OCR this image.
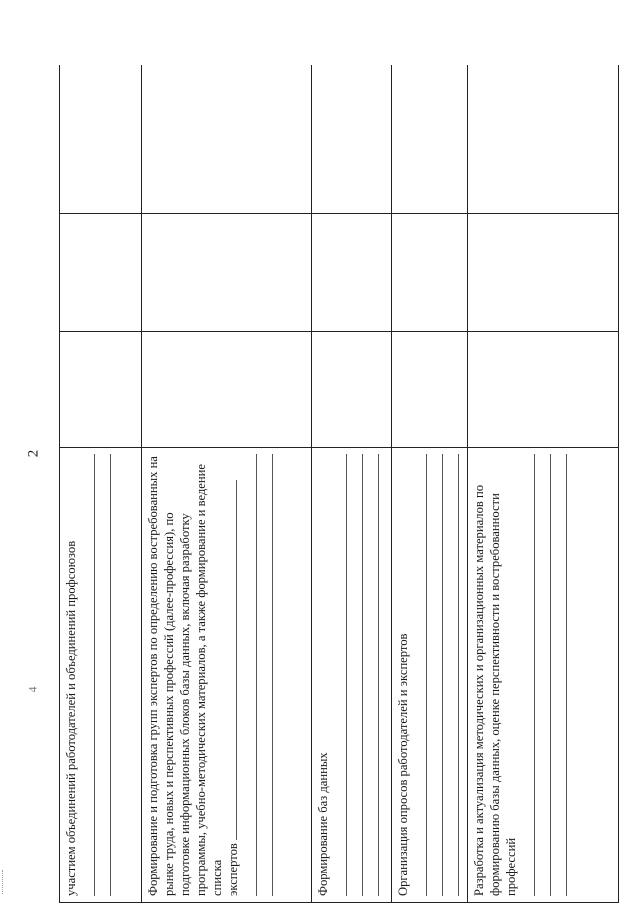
2
4	участием объединений работодателей и объединений профсоюзов			

Формирование и подготовка групп экспертов по определению востребованных на рынке труда, новых и перспективных профессий (далее-профессия), по подготовке информационных блоков базы данных, включая разработку программы, учебно-методических материалов, а также формирование и ведение списка экспертов			

Формирование баз данных			

Организация опросов работодателей и экспертов			

Разработка и актуализация методических и организационных материалов по формированию базы данных, оценке перспективности и востребованности профессий			
